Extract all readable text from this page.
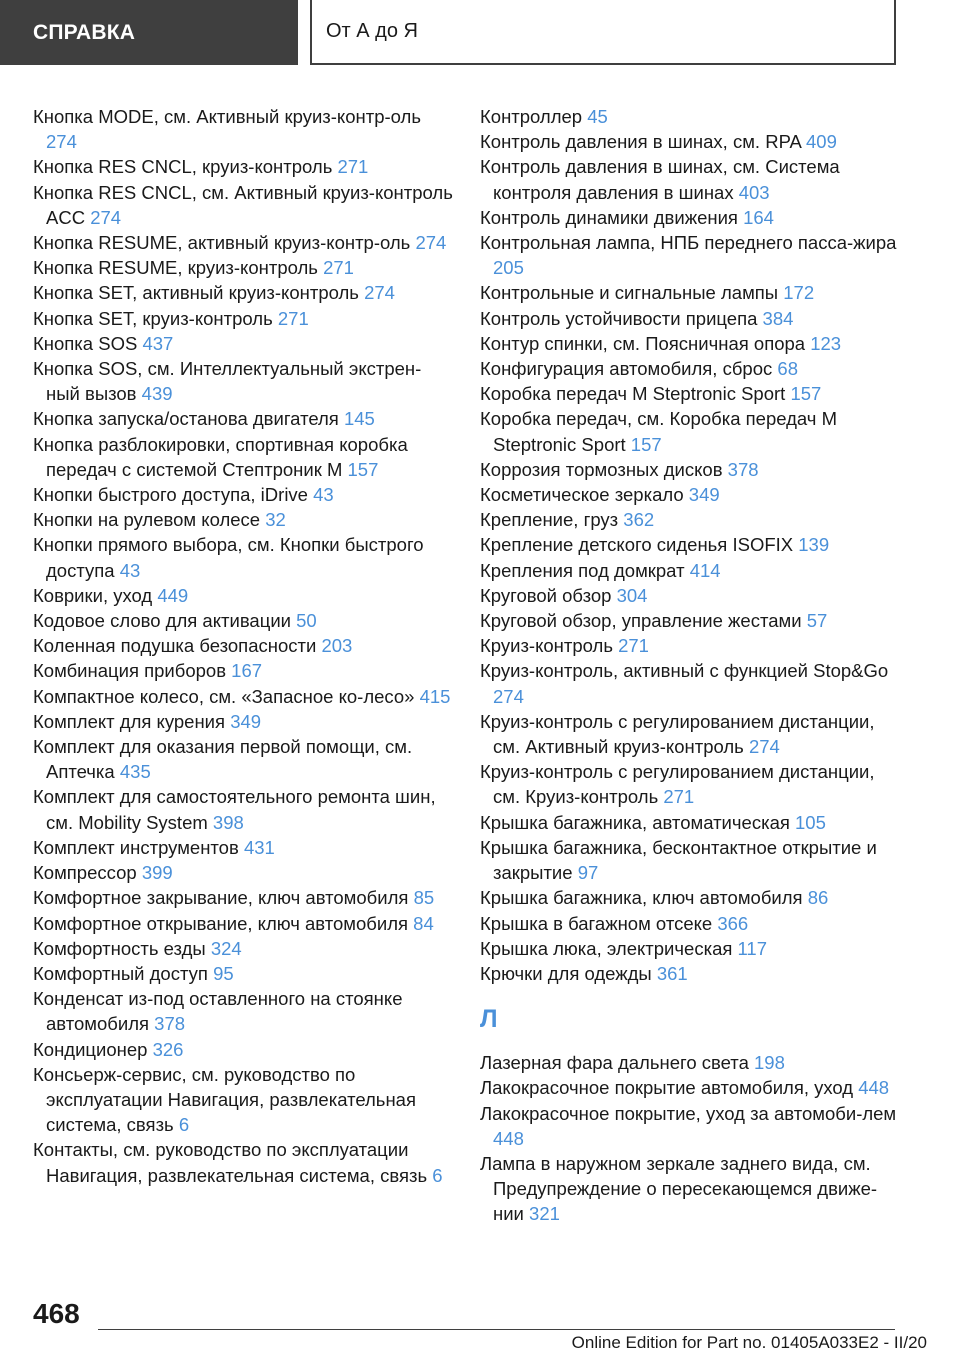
СПРАВКА	От А до Я
Кнопка MODE, см. Активный круиз-контр-оль 274
Кнопка RES CNCL, круиз-контроль 271
Кнопка RES CNCL, см. Активный круиз-контроль ACC 274
Кнопка RESUME, активный круиз-контр-оль 274
Кнопка RESUME, круиз-контроль 271
Кнопка SET, активный круиз-контроль 274
Кнопка SET, круиз-контроль 271
Кнопка SOS 437
Кнопка SOS, см. Интеллектуальный экстрен-ный вызов 439
Кнопка запуска/останова двигателя 145
Кнопка разблокировки, спортивная коробка передач с системой Стептроник M 157
Кнопки быстрого доступа, iDrive 43
Кнопки на рулевом колесе 32
Кнопки прямого выбора, см. Кнопки быстрого доступа 43
Коврики, уход 449
Кодовое слово для активации 50
Коленная подушка безопасности 203
Комбинация приборов 167
Компактное колесо, см. «Запасное ко-лесо» 415
Комплект для курения 349
Комплект для оказания первой помощи, см. Аптечка 435
Комплект для самостоятельного ремонта шин, см. Mobility System 398
Комплект инструментов 431
Компрессор 399
Комфортное закрывание, ключ автомобиля 85
Комфортное открывание, ключ автомобиля 84
Комфортность езды 324
Комфортный доступ 95
Конденсат из-под оставленного на стоянке автомобиля 378
Кондиционер 326
Консьерж-сервис, см. руководство по эксплуатации Навигация, развлекательная система, связь 6
Контакты, см. руководство по эксплуатации Навигация, развлекательная система, связь 6
Контроллер 45
Контроль давления в шинах, см. RPA 409
Контроль давления в шинах, см. Система контроля давления в шинах 403
Контроль динамики движения 164
Контрольная лампа, НПБ переднего пасса-жира 205
Контрольные и сигнальные лампы 172
Контроль устойчивости прицепа 384
Контур спинки, см. Поясничная опора 123
Конфигурация автомобиля, сброс 68
Коробка передач M Steptronic Sport 157
Коробка передач, см. Коробка передач M Steptronic Sport 157
Коррозия тормозных дисков 378
Косметическое зеркало 349
Крепление, груз 362
Крепление детского сиденья ISOFIX 139
Крепления под домкрат 414
Круговой обзор 304
Круговой обзор, управление жестами 57
Круиз-контроль 271
Круиз-контроль, активный с функцией Stop&Go 274
Круиз-контроль с регулированием дистанции, см. Активный круиз-контроль 274
Круиз-контроль с регулированием дистанции, см. Круиз-контроль 271
Крышка багажника, автоматическая 105
Крышка багажника, бесконтактное открытие и закрытие 97
Крышка багажника, ключ автомобиля 86
Крышка в багажном отсеке 366
Крышка люка, электрическая 117
Крючки для одежды 361
Л
Лазерная фара дальнего света 198
Лакокрасочное покрытие автомобиля, уход 448
Лакокрасочное покрытие, уход за автомоби-лем 448
Лампа в наружном зеркале заднего вида, см. Предупреждение о пересекающемся движе-нии 321
468
Online Edition for Part no. 01405A033E2 - II/20
